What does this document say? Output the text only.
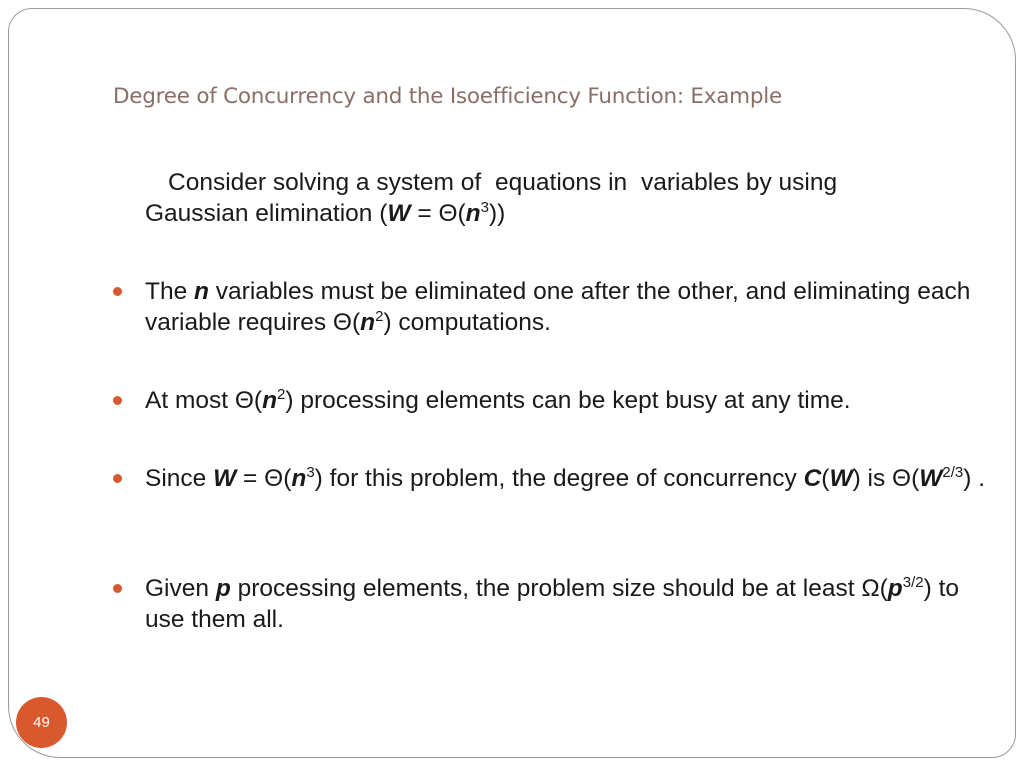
Degree of Concurrency and the Isoefficiency Function: Example
Consider solving a system of equations in variables by using
Gaussian elimination $(W = \Theta(n^3))$
The n variables must be eliminated one after the other, and eliminating each variable requires $\Theta(n^2)$ computations.
At most $\Theta(n^2)$ processing elements can be kept busy at any time.
Since $W = \Theta(n^3)$ for this problem, the degree of concurrency C(W) is $\Theta(W^{2/3})$ .
Given p processing elements, the problem size should be at least $\Omega(p^{3/2})$ to use them all.
49
